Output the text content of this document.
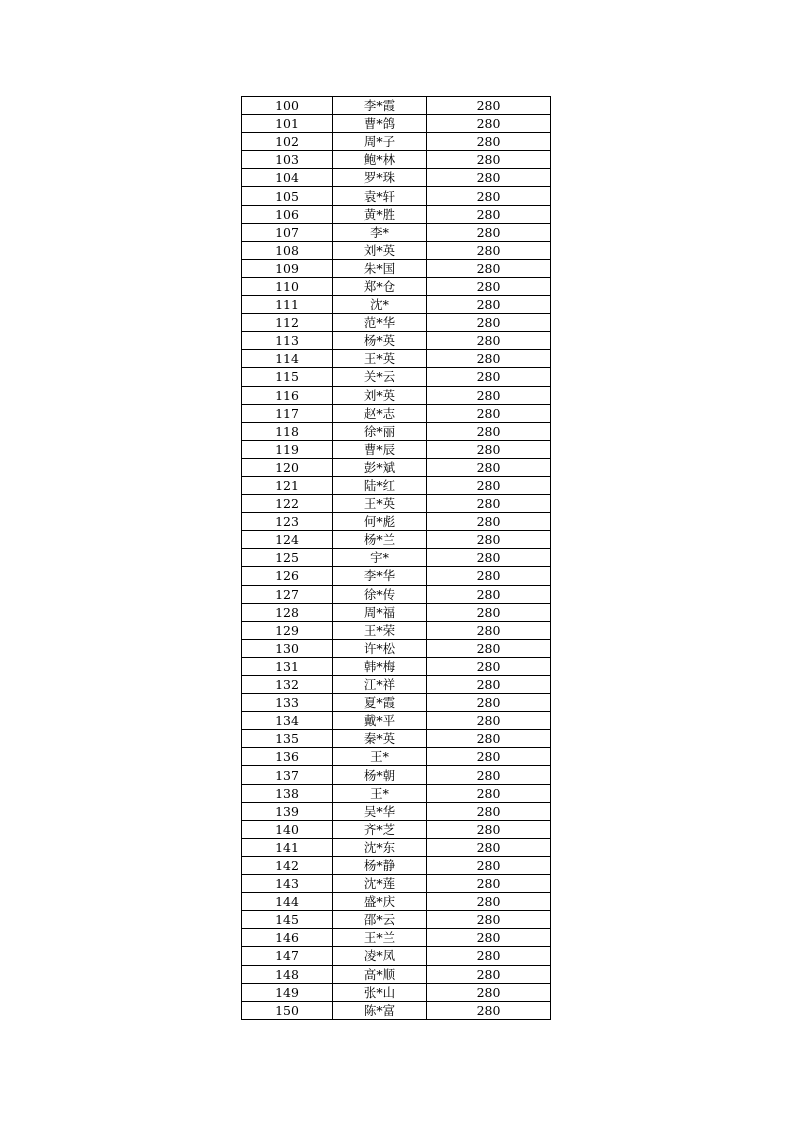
100	李*霞	280
101	曹*鸽	280
102	周*子	280
103	鲍*林	280
104	罗*珠	280
105	袁*轩	280
106	黄*胜	280
107	李*	280
108	刘*英	280
109	朱*国	280
110	郑*仓	280
111	沈*	280
112	范*华	280
113	杨*英	280
114	王*英	280
115	关*云	280
116	刘*英	280
117	赵*志	280
118	徐*丽	280
119	曹*辰	280
120	彭*斌	280
121	陆*红	280
122	王*英	280
123	何*彪	280
124	杨*兰	280
125	宇*	280
126	李*华	280
127	徐*传	280
128	周*福	280
129	王*荣	280
130	许*松	280
131	韩*梅	280
132	江*祥	280
133	夏*霞	280
134	戴*平	280
135	秦*英	280
136	王*	280
137	杨*朝	280
138	王*	280
139	吴*华	280
140	齐*芝	280
141	沈*东	280
142	杨*静	280
143	沈*莲	280
144	盛*庆	280
145	邵*云	280
146	王*兰	280
147	凌*凤	280
148	高*顺	280
149	张*山	280
150	陈*富	280
